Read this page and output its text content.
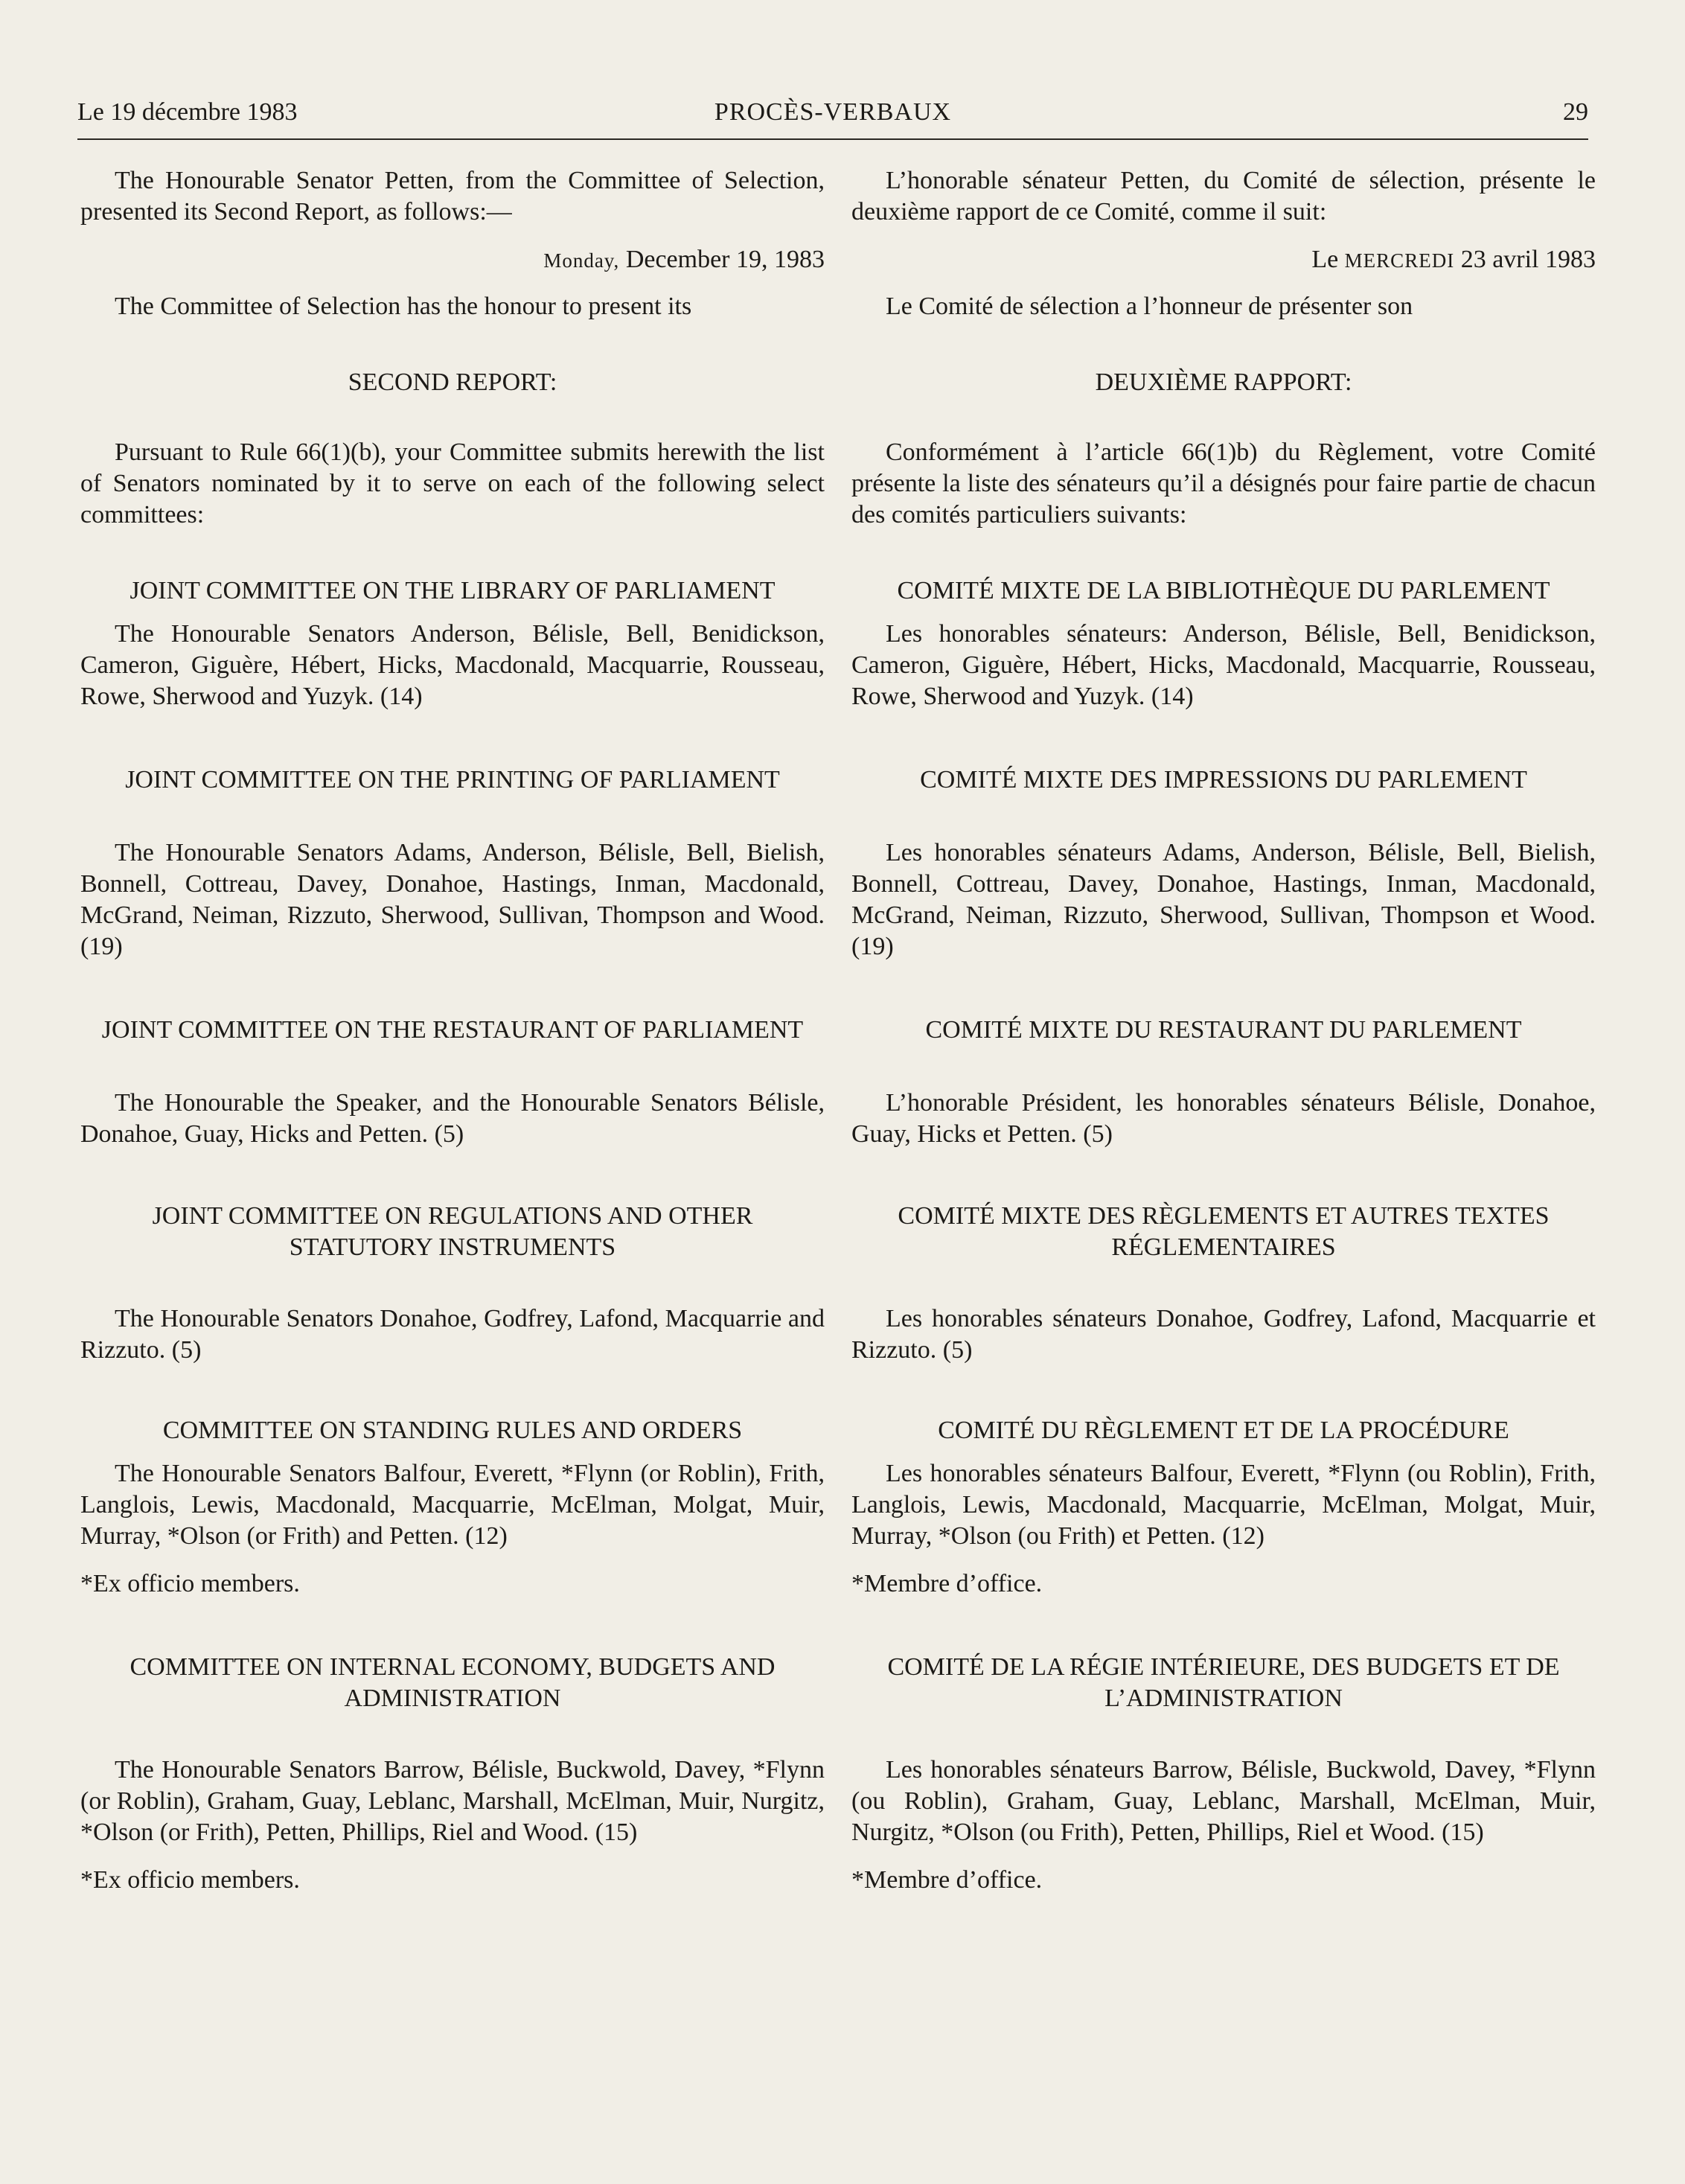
Le 19 décembre 1983	PROCÈS-VERBAUX	29

The Honourable Senator Petten, from the Committee of Selection, presented its Second Report, as follows:—

Monday, December 19, 1983

The Committee of Selection has the honour to present its

SECOND REPORT:

Pursuant to Rule 66(1)(b), your Committee submits herewith the list of Senators nominated by it to serve on each of the following select committees:

JOINT COMMITTEE ON THE LIBRARY OF PARLIAMENT

The Honourable Senators Anderson, Bélisle, Bell, Benidickson, Cameron, Giguère, Hébert, Hicks, Macdonald, Macquarrie, Rousseau, Rowe, Sherwood and Yuzyk. (14)

JOINT COMMITTEE ON THE PRINTING OF PARLIAMENT

The Honourable Senators Adams, Anderson, Bélisle, Bell, Bielish, Bonnell, Cottreau, Davey, Donahoe, Hastings, Inman, Macdonald, McGrand, Neiman, Rizzuto, Sherwood, Sullivan, Thompson and Wood. (19)

JOINT COMMITTEE ON THE RESTAURANT OF PARLIAMENT

The Honourable the Speaker, and the Honourable Senators Bélisle, Donahoe, Guay, Hicks and Petten. (5)

JOINT COMMITTEE ON REGULATIONS AND OTHER STATUTORY INSTRUMENTS

The Honourable Senators Donahoe, Godfrey, Lafond, Macquarrie and Rizzuto. (5)

COMMITTEE ON STANDING RULES AND ORDERS

The Honourable Senators Balfour, Everett, *Flynn (or Roblin), Frith, Langlois, Lewis, Macdonald, Macquarrie, McElman, Molgat, Muir, Murray, *Olson (or Frith) and Petten. (12)

*Ex officio members.

COMMITTEE ON INTERNAL ECONOMY, BUDGETS AND ADMINISTRATION

The Honourable Senators Barrow, Bélisle, Buckwold, Davey, *Flynn (or Roblin), Graham, Guay, Leblanc, Marshall, McElman, Muir, Nurgitz, *Olson (or Frith), Petten, Phillips, Riel and Wood. (15)

*Ex officio members.

L’honorable sénateur Petten, du Comité de sélection, présente le deuxième rapport de ce Comité, comme il suit:

Le MERCREDI 23 avril 1983

Le Comité de sélection a l’honneur de présenter son

DEUXIÈME RAPPORT:

Conformément à l’article 66(1)b) du Règlement, votre Comité présente la liste des sénateurs qu’il a désignés pour faire partie de chacun des comités particuliers suivants:

COMITÉ MIXTE DE LA BIBLIOTHÈQUE DU PARLEMENT

Les honorables sénateurs: Anderson, Bélisle, Bell, Benidickson, Cameron, Giguère, Hébert, Hicks, Macdonald, Macquarrie, Rousseau, Rowe, Sherwood and Yuzyk. (14)

COMITÉ MIXTE DES IMPRESSIONS DU PARLEMENT

Les honorables sénateurs Adams, Anderson, Bélisle, Bell, Bielish, Bonnell, Cottreau, Davey, Donahoe, Hastings, Inman, Macdonald, McGrand, Neiman, Rizzuto, Sherwood, Sullivan, Thompson et Wood. (19)

COMITÉ MIXTE DU RESTAURANT DU PARLEMENT

L’honorable Président, les honorables sénateurs Bélisle, Donahoe, Guay, Hicks et Petten. (5)

COMITÉ MIXTE DES RÈGLEMENTS ET AUTRES TEXTES RÉGLEMENTAIRES

Les honorables sénateurs Donahoe, Godfrey, Lafond, Macquarrie et Rizzuto. (5)

COMITÉ DU RÈGLEMENT ET DE LA PROCÉDURE

Les honorables sénateurs Balfour, Everett, *Flynn (ou Roblin), Frith, Langlois, Lewis, Macdonald, Macquarrie, McElman, Molgat, Muir, Murray, *Olson (ou Frith) et Petten. (12)

*Membre d’office.

COMITÉ DE LA RÉGIE INTÉRIEURE, DES BUDGETS ET DE L’ADMINISTRATION

Les honorables sénateurs Barrow, Bélisle, Buckwold, Davey, *Flynn (ou Roblin), Graham, Guay, Leblanc, Marshall, McElman, Muir, Nurgitz, *Olson (ou Frith), Petten, Phillips, Riel et Wood. (15)

*Membre d’office.
